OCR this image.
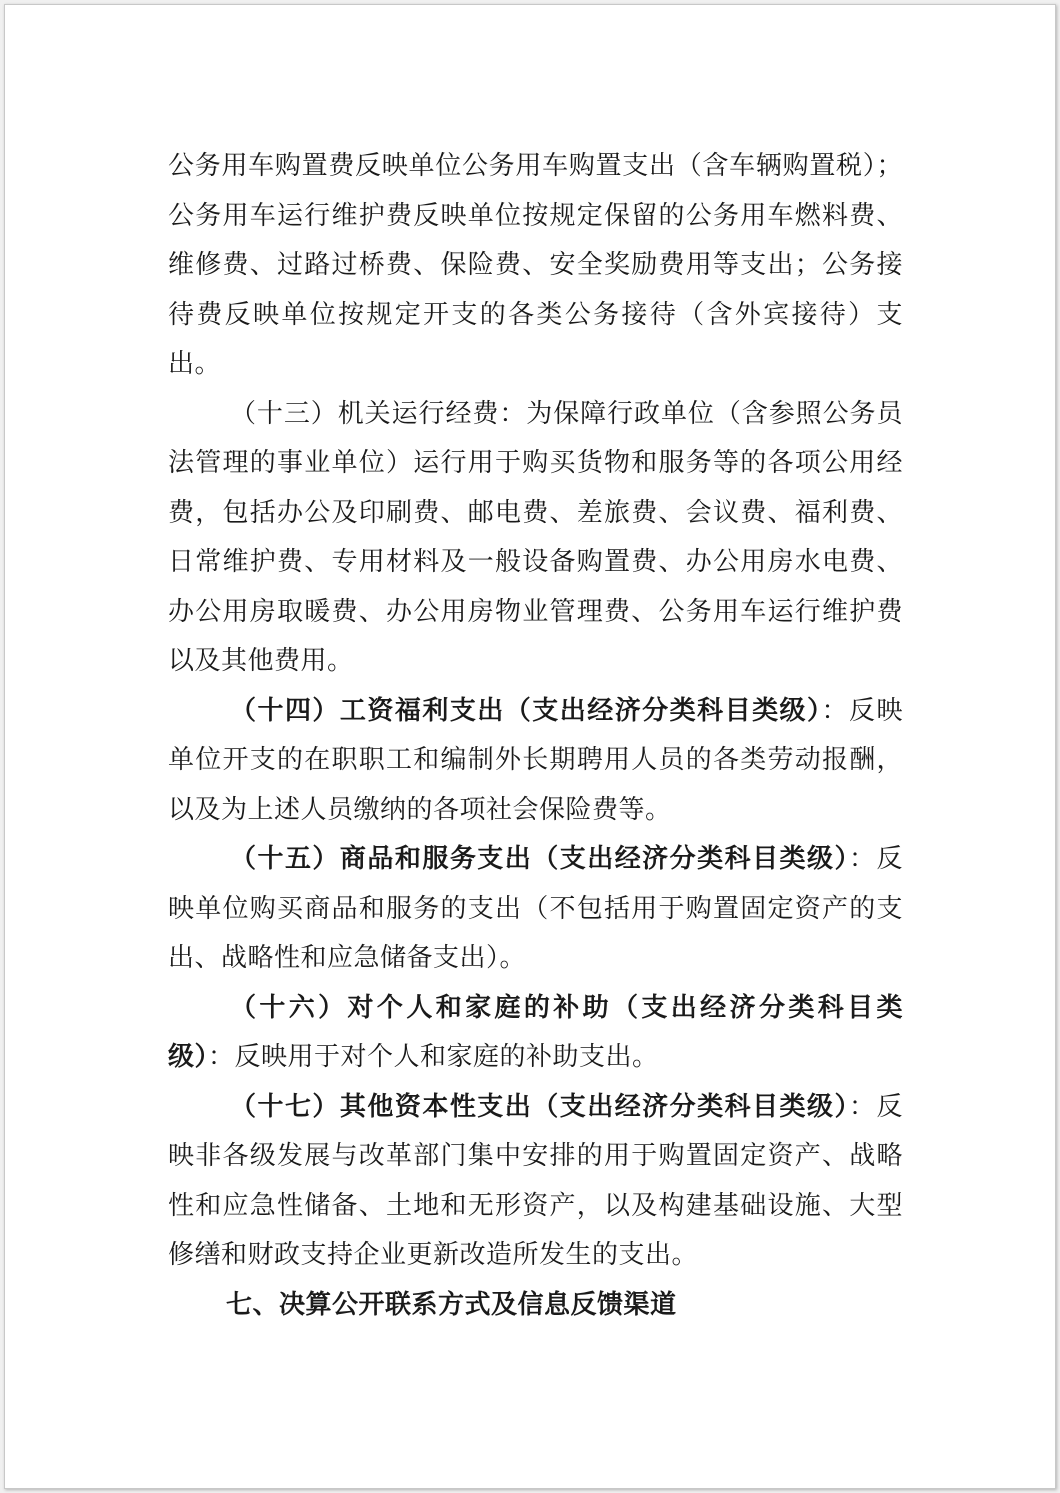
公务用车购置费反映单位公务用车购置支出（含车辆购置税）；公务用车运行维护费反映单位按规定保留的公务用车燃料费、维修费、过路过桥费、保险费、安全奖励费用等支出；公务接待费反映单位按规定开支的各类公务接待（含外宾接待）支出。

（十三）机关运行经费：为保障行政单位（含参照公务员法管理的事业单位）运行用于购买货物和服务等的各项公用经费，包括办公及印刷费、邮电费、差旅费、会议费、福利费、日常维护费、专用材料及一般设备购置费、办公用房水电费、办公用房取暖费、办公用房物业管理费、公务用车运行维护费以及其他费用。

（十四）工资福利支出（支出经济分类科目类级）：反映单位开支的在职职工和编制外长期聘用人员的各类劳动报酬，以及为上述人员缴纳的各项社会保险费等。

（十五）商品和服务支出（支出经济分类科目类级）：反映单位购买商品和服务的支出（不包括用于购置固定资产的支出、战略性和应急储备支出）。

（十六）对个人和家庭的补助（支出经济分类科目类级）：反映用于对个人和家庭的补助支出。

（十七）其他资本性支出（支出经济分类科目类级）：反映非各级发展与改革部门集中安排的用于购置固定资产、战略性和应急性储备、土地和无形资产，以及构建基础设施、大型修缮和财政支持企业更新改造所发生的支出。

七、决算公开联系方式及信息反馈渠道
